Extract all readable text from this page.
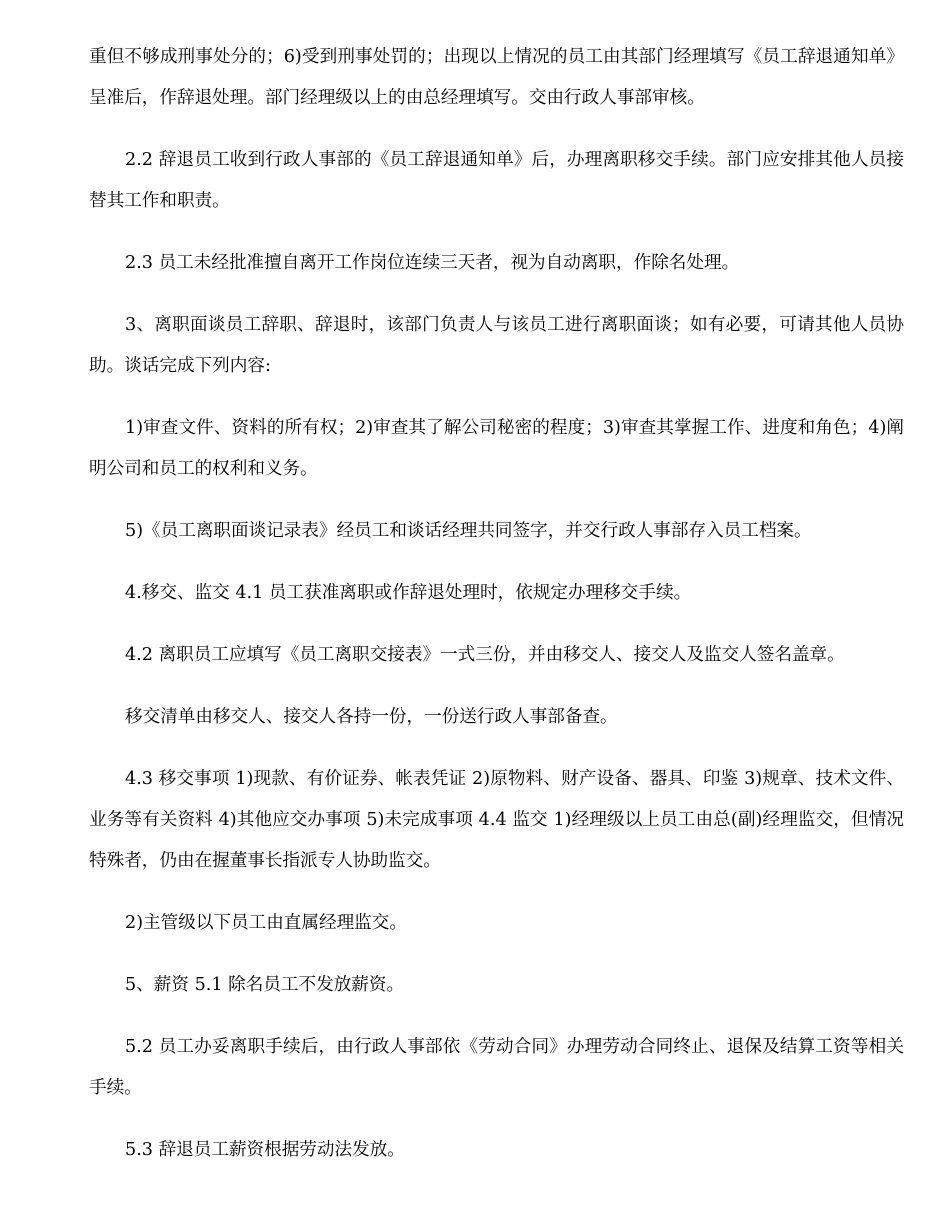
重但不够成刑事处分的；6)受到刑事处罚的；出现以上情况的员工由其部门经理填写《员工辞退通知单》呈准后，作辞退处理。部门经理级以上的由总经理填写。交由行政人事部审核。

2.2 辞退员工收到行政人事部的《员工辞退通知单》后，办理离职移交手续。部门应安排其他人员接替其工作和职责。

2.3 员工未经批准擅自离开工作岗位连续三天者，视为自动离职，作除名处理。

3、离职面谈员工辞职、辞退时，该部门负责人与该员工进行离职面谈；如有必要，可请其他人员协助。谈话完成下列内容:

1)审查文件、资料的所有权；2)审查其了解公司秘密的程度；3)审查其掌握工作、进度和角色；4)阐明公司和员工的权利和义务。

5)《员工离职面谈记录表》经员工和谈话经理共同签字，并交行政人事部存入员工档案。

4.移交、监交 4.1 员工获准离职或作辞退处理时，依规定办理移交手续。

4.2 离职员工应填写《员工离职交接表》一式三份，并由移交人、接交人及监交人签名盖章。

移交清单由移交人、接交人各持一份，一份送行政人事部备查。

4.3 移交事项 1)现款、有价证券、帐表凭证 2)原物料、财产设备、器具、印鉴 3)规章、技术文件、业务等有关资料 4)其他应交办事项 5)未完成事项 4.4 监交 1)经理级以上员工由总(副)经理监交，但情况特殊者，仍由在握董事长指派专人协助监交。

2)主管级以下员工由直属经理监交。

5、薪资 5.1 除名员工不发放薪资。

5.2 员工办妥离职手续后，由行政人事部依《劳动合同》办理劳动合同终止、退保及结算工资等相关手续。

5.3 辞退员工薪资根据劳动法发放。
